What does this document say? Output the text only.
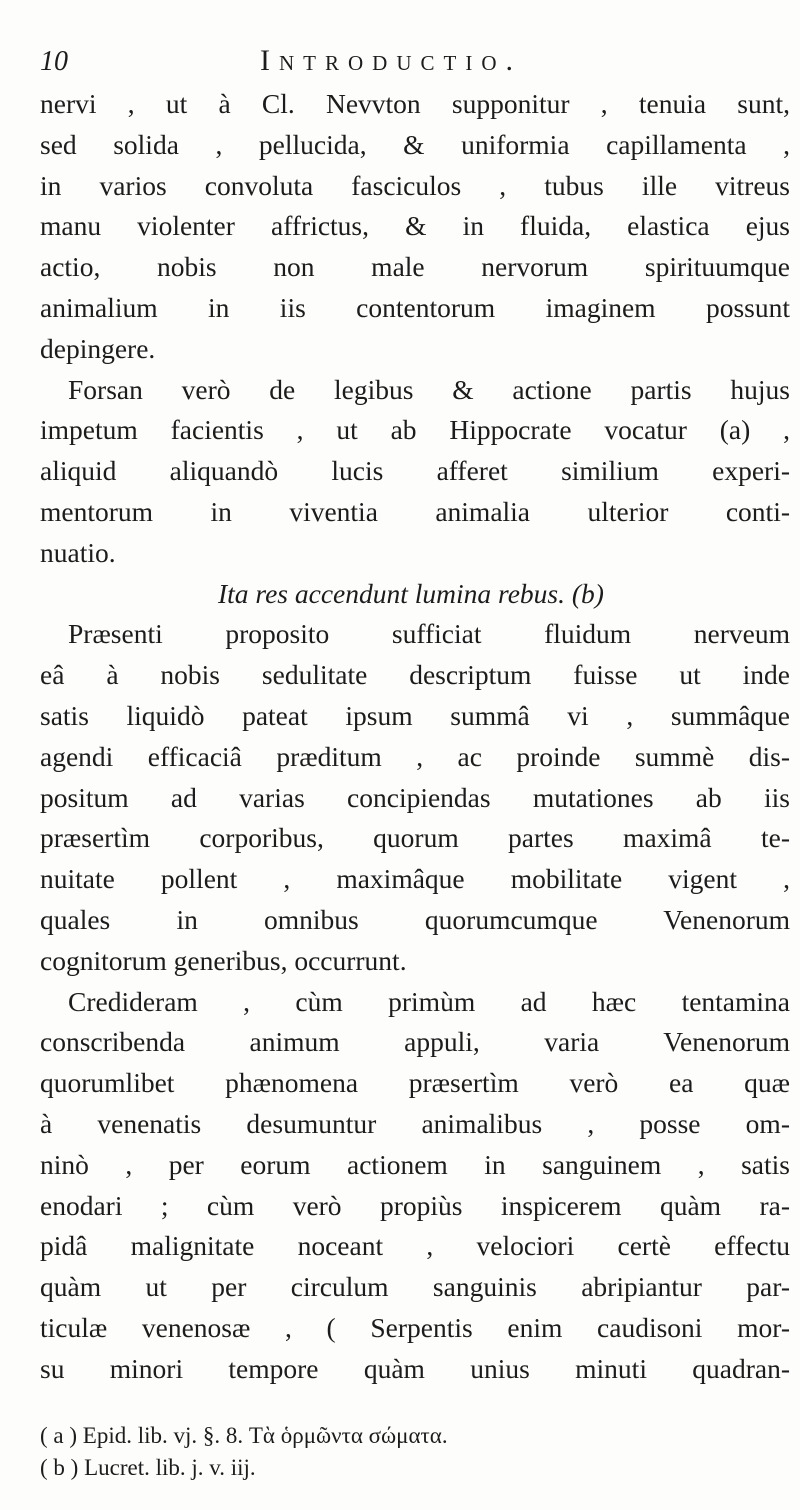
10	Introductio.
nervi , ut à Cl. Nevvton supponitur , tenuia sunt,
sed solida , pellucida, & uniformia capillamenta ,
in varios convoluta fasciculos , tubus ille vitreus
manu violenter affrictus, & in fluida, elastica ejus
actio, nobis non male nervorum spirituumque
animalium in iis contentorum imaginem possunt
depingere.
Forsan verò de legibus & actione partis hujus
impetum facientis , ut ab Hippocrate vocatur (a) ,
aliquid aliquandò lucis afferet similium experi-
mentorum in viventia animalia ulterior conti-
nuatio.
Ita res accendunt lumina rebus. (b)
Præsenti proposito sufficiat fluidum nerveum
eâ à nobis sedulitate descriptum fuisse ut inde
satis liquidò pateat ipsum summâ vi , summâque
agendi efficaciâ præditum , ac proinde summè dis-
positum ad varias concipiendas mutationes ab iis
præsertìm corporibus, quorum partes maximâ te-
nuitate pollent , maximâque mobilitate vigent ,
quales in omnibus quorumcumque Venenorum
cognitorum generibus, occurrunt.
Credideram , cùm primùm ad hæc tentamina
conscribenda animum appuli, varia Venenorum
quorumlibet phænomena præsertìm verò ea quæ
à venenatis desumuntur animalibus , posse om-
ninò , per eorum actionem in sanguinem , satis
enodari ; cùm verò propiùs inspicerem quàm ra-
pidâ malignitate noceant , velociori certè effectu
quàm ut per circulum sanguinis abripiantur par-
ticulæ venenosæ , ( Serpentis enim caudisoni mor-
su minori tempore quàm unius minuti quadran-
( a ) Epid. lib. vj. §. 8. Τὰ ὁρμῶντα σώματα.
( b ) Lucret. lib. j. v. iij.
